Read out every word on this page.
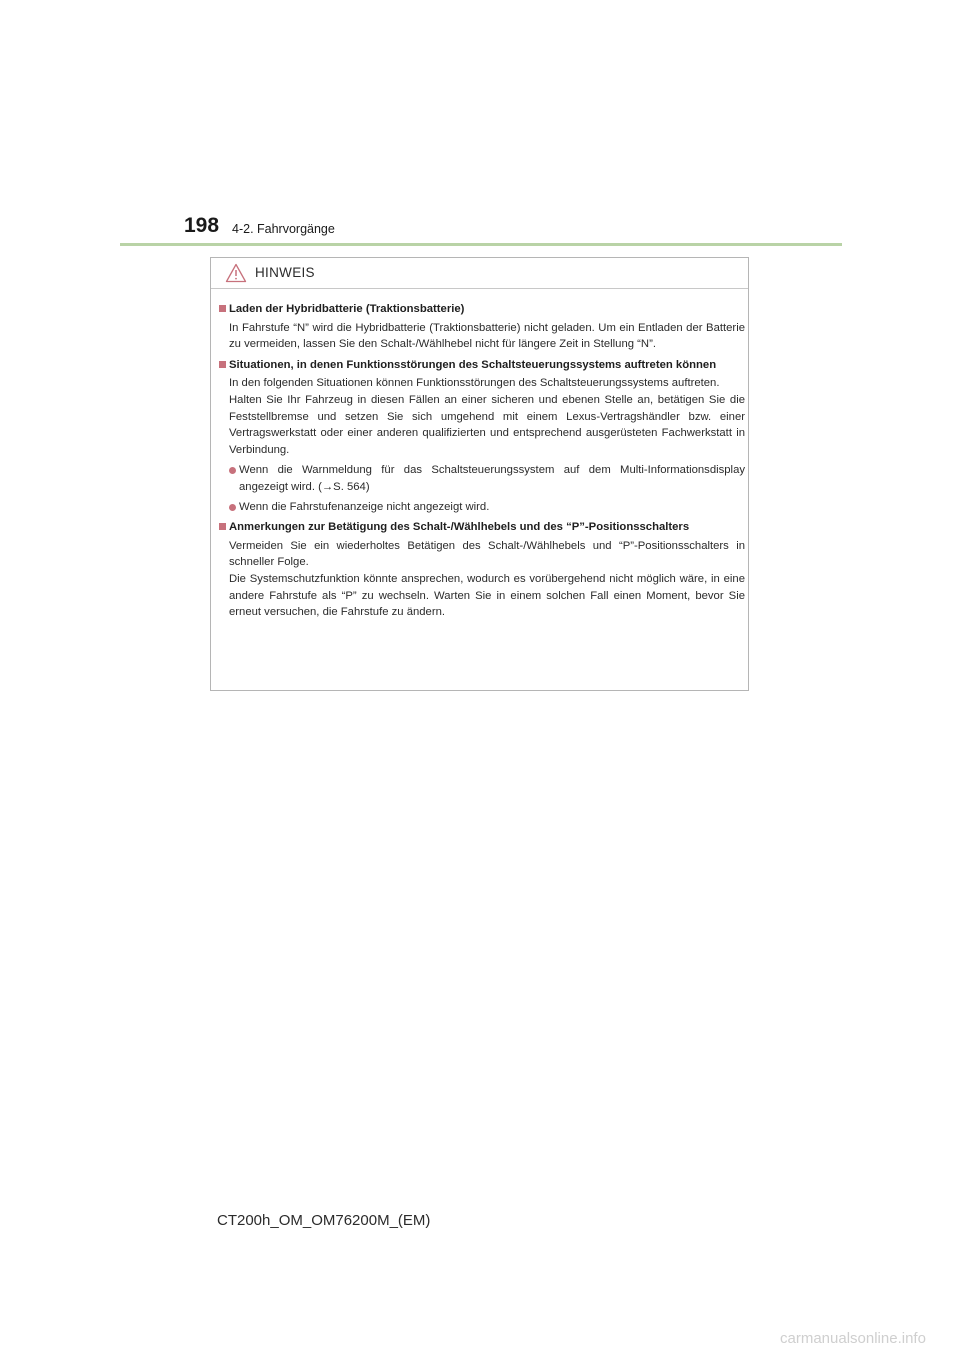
198 4-2. Fahrvorgänge
HINWEIS
Laden der Hybridbatterie (Traktionsbatterie)
In Fahrstufe “N” wird die Hybridbatterie (Traktionsbatterie) nicht geladen. Um ein Entladen der Batterie zu vermeiden, lassen Sie den Schalt-/Wählhebel nicht für längere Zeit in Stellung “N”.
Situationen, in denen Funktionsstörungen des Schaltsteuerungssystems auftreten können
In den folgenden Situationen können Funktionsstörungen des Schaltsteuerungssystems auftreten.
Halten Sie Ihr Fahrzeug in diesen Fällen an einer sicheren und ebenen Stelle an, betätigen Sie die Feststellbremse und setzen Sie sich umgehend mit einem Lexus-Vertragshändler bzw. einer Vertragswerkstatt oder einer anderen qualifizierten und entsprechend ausgerüsteten Fachwerkstatt in Verbindung.
Wenn die Warnmeldung für das Schaltsteuerungssystem auf dem Multi-Informationsdisplay angezeigt wird. (→S. 564)
Wenn die Fahrstufenanzeige nicht angezeigt wird.
Anmerkungen zur Betätigung des Schalt-/Wählhebels und des “P”-Positionsschalters
Vermeiden Sie ein wiederholtes Betätigen des Schalt-/Wählhebels und “P”-Positionsschalters in schneller Folge.
Die Systemschutzfunktion könnte ansprechen, wodurch es vorübergehend nicht möglich wäre, in eine andere Fahrstufe als “P” zu wechseln. Warten Sie in einem solchen Fall einen Moment, bevor Sie erneut versuchen, die Fahrstufe zu ändern.
CT200h_OM_OM76200M_(EM)
carmanualsonline.info
